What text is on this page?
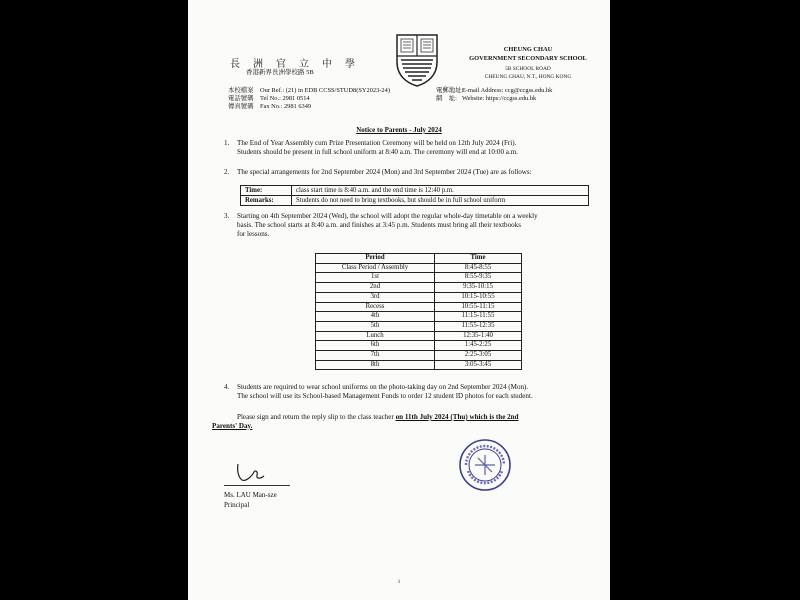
長洲官立中學
香港新界長洲學校路 5B
CHEUNG CHAU
GOVERNMENT SECONDARY SCHOOL
5B SCHOOL ROAD
CHEUNG CHAU, N.T., HONG KONG
本校檔案 Our Ref.: (21) in EDB CCSS/STUD8(SY2023-24)
電話號碼 Tel No.: 2981 0514
傳真號碼 Fax No.: 2981 6349
電郵地址:E-mail Address: ccg@ccgss.edu.hk
網　址: Website: https://ccgss.edu.hk
Notice to Parents - July 2024
1. The End of Year Assembly cum Prize Presentation Ceremony will be held on 12th July 2024 (Fri).
Students should be present in full school uniform at 8:40 a.m. The ceremony will end at 10:00 a.m.
2. The special arrangements for 2nd September 2024 (Mon) and 3rd September 2024 (Tue) are as follows:
Time:	class start time is 8:40 a.m. and the end time is 12:40 p.m.
Remarks:	Students do not need to bring textbooks, but should be in full school uniform
3. Starting on 4th September 2024 (Wed), the school will adopt the regular whole-day timetable on a weekly
basis. The school starts at 8:40 a.m. and finishes at 3:45 p.m. Students must bring all their textbooks
for lessons.
Period	Time
Class Period / Assembly	8:45-8:55
1st	8:55-9:35
2nd	9:35-10:15
3rd	10:15-10:55
Recess	10:55-11:15
4th	11:15-11:55
5th	11:55-12:35
Lunch	12:35-1:40
6th	1:45-2:25
7th	2:25-3:05
8th	3:05-3:45
4. Students are required to wear school uniforms on the photo-taking day on 2nd September 2024 (Mon).
The school will use its School-based Management Funds to order 12 student ID photos for each student.
Please sign and return the reply slip to the class teacher on 11th July 2024 (Thu) which is the 2nd
Parents' Day.
Ms. LAU Man-sze
Principal
1
